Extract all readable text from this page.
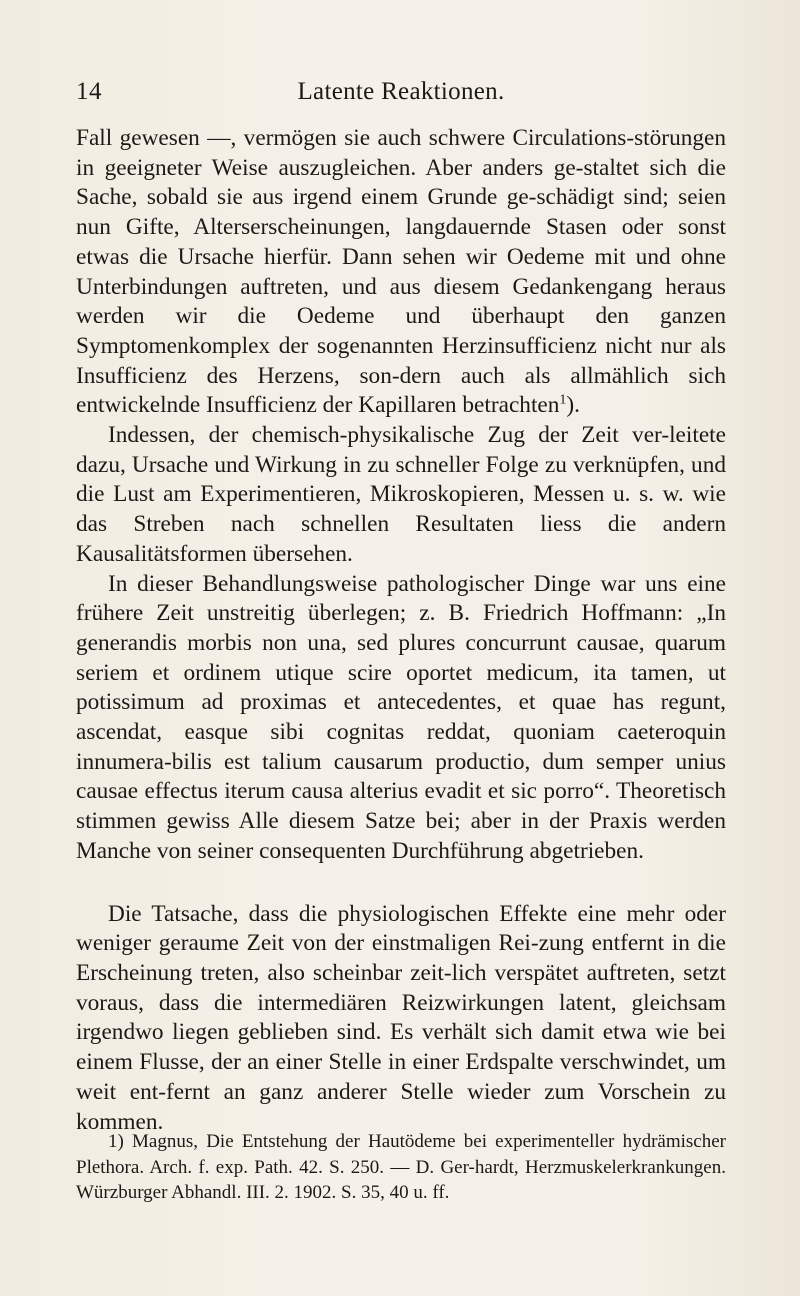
14	Latente Reaktionen.

Fall gewesen —, vermögen sie auch schwere Circulations-störungen in geeigneter Weise auszugleichen. Aber anders ge-staltet sich die Sache, sobald sie aus irgend einem Grunde ge-schädigt sind; seien nun Gifte, Alterserscheinungen, langdauernde Stasen oder sonst etwas die Ursache hierfür. Dann sehen wir Oedeme mit und ohne Unterbindungen auftreten, und aus diesem Gedankengang heraus werden wir die Oedeme und überhaupt den ganzen Symptomenkomplex der sogenannten Herzinsufficienz nicht nur als Insufficienz des Herzens, son-dern auch als allmählich sich entwickelnde Insufficienz der Kapillaren betrachten$^1$).

Indessen, der chemisch-physikalische Zug der Zeit ver-leitete dazu, Ursache und Wirkung in zu schneller Folge zu verknüpfen, und die Lust am Experimentieren, Mikroskopieren, Messen u. s. w. wie das Streben nach schnellen Resultaten liess die andern Kausalitätsformen übersehen.

In dieser Behandlungsweise pathologischer Dinge war uns eine frühere Zeit unstreitig überlegen; z. B. Friedrich Hoffmann: „In generandis morbis non una, sed plures concurrunt causae, quarum seriem et ordinem utique scire oportet medicum, ita tamen, ut potissimum ad proximas et antecedentes, et quae has regunt, ascendat, easque sibi cognitas reddat, quoniam caeteroquin innumera-bilis est talium causarum productio, dum semper unius causae effectus iterum causa alterius evadit et sic porro“. Theoretisch stimmen gewiss Alle diesem Satze bei; aber in der Praxis werden Manche von seiner consequenten Durchführung abgetrieben.

Die Tatsache, dass die physiologischen Effekte eine mehr oder weniger geraume Zeit von der einstmaligen Rei-zung entfernt in die Erscheinung treten, also scheinbar zeit-lich verspätet auftreten, setzt voraus, dass die intermediären Reizwirkungen latent, gleichsam irgendwo liegen geblieben sind. Es verhält sich damit etwa wie bei einem Flusse, der an einer Stelle in einer Erdspalte verschwindet, um weit ent-fernt an ganz anderer Stelle wieder zum Vorschein zu kommen.

1) Magnus, Die Entstehung der Hautödeme bei experimenteller hydrämischer Plethora. Arch. f. exp. Path. 42. S. 250. — D. Ger-hardt, Herzmuskelerkrankungen. Würzburger Abhandl. III. 2. 1902. S. 35, 40 u. ff.
